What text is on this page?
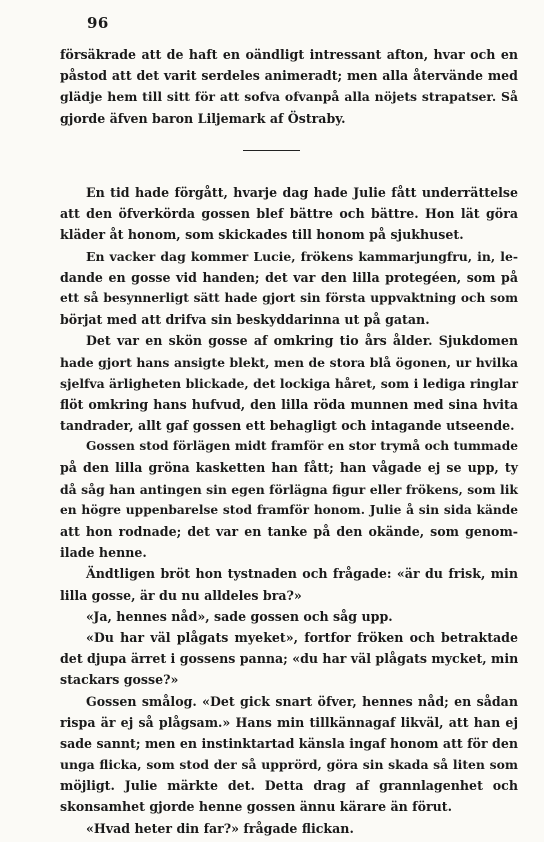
96
försäkrade att de haft en oändligt intressant afton, hvar och en
påstod att det varit serdeles animeradt; men alla återvände med
glädje hem till sitt för att sofva ofvanpå alla nöjets strapatser. Så
gjorde äfven baron Liljemark af Östraby.
En tid hade förgått, hvarje dag hade Julie fått underrättelse
att den öfverkörda gossen blef bättre och bättre. Hon lät göra
kläder åt honom, som skickades till honom på sjukhuset.
En vacker dag kommer Lucie, frökens kammarjungfru, in, le-
dande en gosse vid handen; det var den lilla protegéen, som på
ett så besynnerligt sätt hade gjort sin första uppvaktning och som
börjat med att drifva sin beskyddarinna ut på gatan.
Det var en skön gosse af omkring tio års ålder. Sjukdomen
hade gjort hans ansigte blekt, men de stora blå ögonen, ur hvilka
sjelfva ärligheten blickade, det lockiga håret, som i lediga ringlar
flöt omkring hans hufvud, den lilla röda munnen med sina hvita
tandrader, allt gaf gossen ett behagligt och intagande utseende.
Gossen stod förlägen midt framför en stor trymå och tummade
på den lilla gröna kasketten han fått; han vågade ej se upp, ty
då såg han antingen sin egen förlägna figur eller frökens, som lik
en högre uppenbarelse stod framför honom. Julie å sin sida kände
att hon rodnade; det var en tanke på den okände, som genom-
ilade henne.
Ändtligen bröt hon tystnaden och frågade: «är du frisk, min
lilla gosse, är du nu alldeles bra?»
«Ja, hennes nåd», sade gossen och såg upp.
«Du har väl plågats myeket», fortfor fröken och betraktade
det djupa ärret i gossens panna; «du har väl plågats mycket, min
stackars gosse?»
Gossen smålog. «Det gick snart öfver, hennes nåd; en sådan
rispa är ej så plågsam.» Hans min tillkännagaf likväl, att han ej
sade sannt; men en instinktartad känsla ingaf honom att för den
unga flicka, som stod der så upprörd, göra sin skada så liten som
möjligt. Julie märkte det. Detta drag af grannlagenhet och
skonsamhet gjorde henne gossen ännu kärare än förut.
«Hvad heter din far?» frågade flickan.
